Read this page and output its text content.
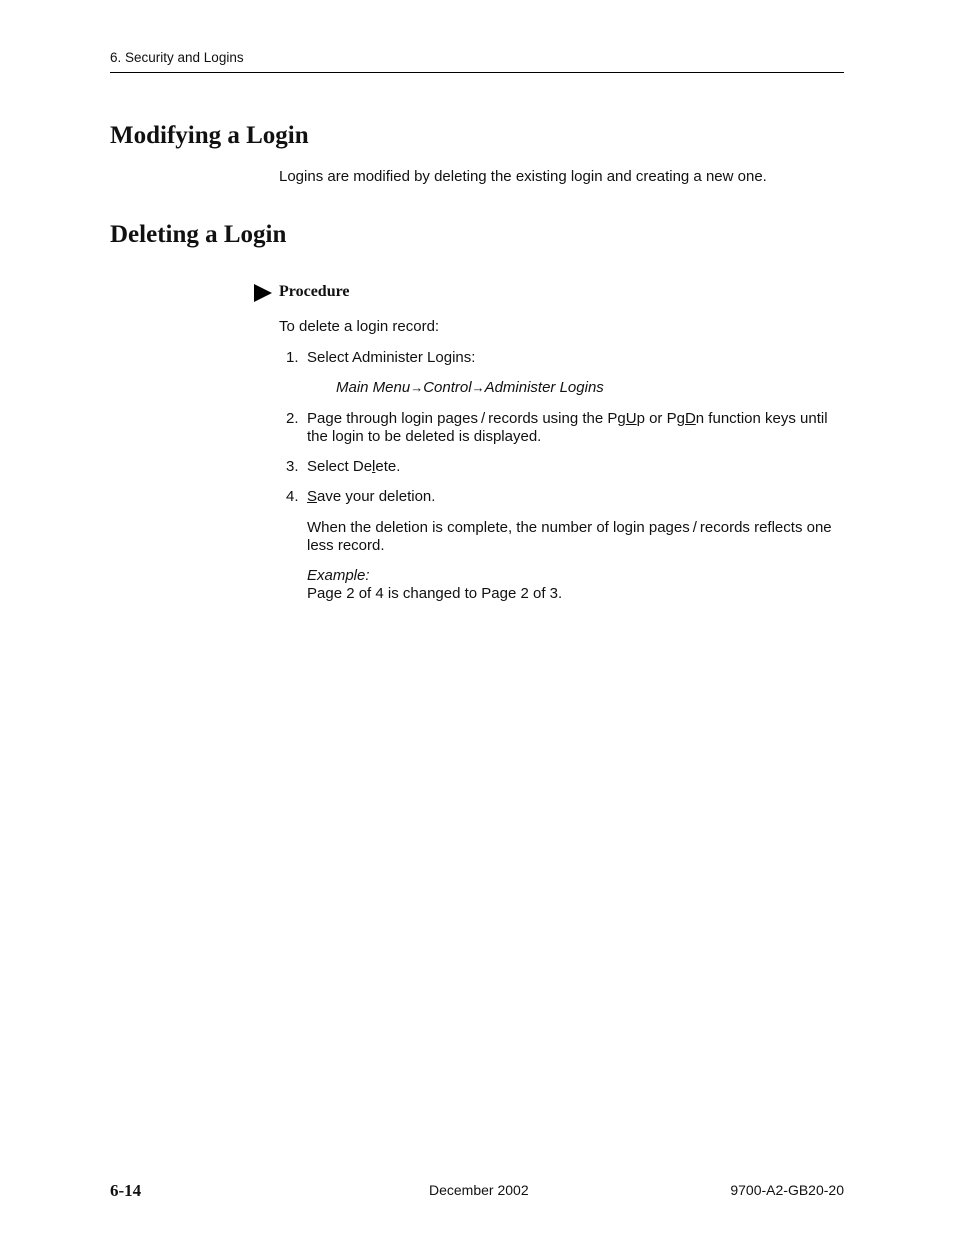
6. Security and Logins
Modifying a Login
Logins are modified by deleting the existing login and creating a new one.
Deleting a Login
Procedure
To delete a login record:
1. Select Administer Logins:
Main Menu→Control→Administer Logins
2. Page through login pages / records using the PgUp or PgDn function keys until the login to be deleted is displayed.
3. Select Delete.
4. Save your deletion.
When the deletion is complete, the number of login pages / records reflects one less record.
Example:
Page 2 of 4 is changed to Page 2 of 3.
6-14	December 2002	9700-A2-GB20-20
